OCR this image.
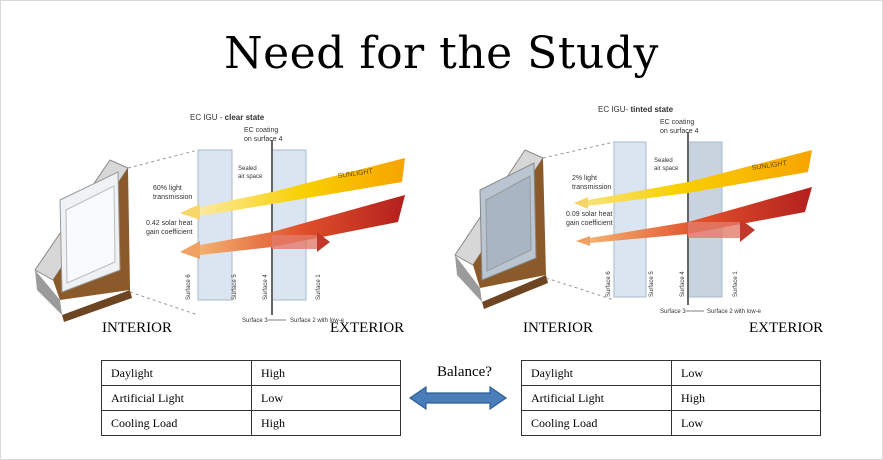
Need for the Study
EC IGU - clear state
EC coating on surface 4
Sealed air space	SUNLIGHT
60% light transmission
0.42 solar heat gain coefficient
Surface 6	Surface 5	Surface 4	Surface 1
Surface 3	Surface 2 with low-e
EC IGU- tinted state
EC coating on surface 4
Sealed air space	SUNLIGHT
2% light transmission
0.09 solar heat gain coefficient
Surface 6	Surface 5	Surface 4	Surface 1
Surface 3	Surface 2 with low-e
INTERIOR	EXTERIOR	INTERIOR	EXTERIOR
Daylight	High
Artificial Light	Low
Cooling Load	High
Daylight	Low
Artificial Light	High
Cooling Load	Low
Balance?
